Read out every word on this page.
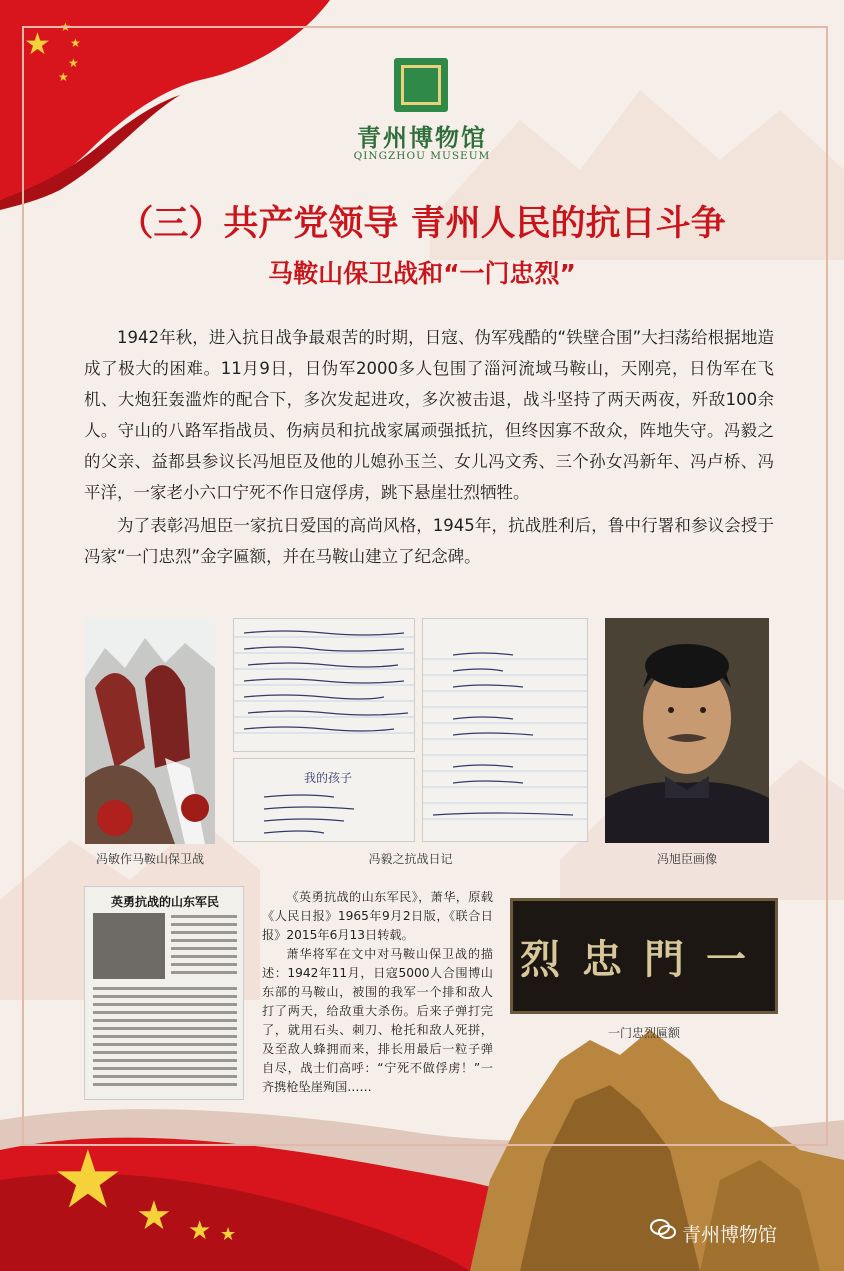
★ ★
★
★
★
★ ★ ★ ★
青州博物馆
QINGZHOU MUSEUM
（三）共产党领导 青州人民的抗日斗争
马鞍山保卫战和“一门忠烈”

1942年秋，进入抗日战争最艰苦的时期，日寇、伪军残酷的“铁壁合围”大扫荡给根据地造成了极大的困难。11月9日，日伪军2000多人包围了淄河流域马鞍山，天刚亮，日伪军在飞机、大炮狂轰滥炸的配合下，多次发起进攻，多次被击退，战斗坚持了两天两夜，歼敌100余人。守山的八路军指战员、伤病员和抗战家属顽强抵抗，但终因寡不敌众，阵地失守。冯毅之的父亲、益都县参议长冯旭臣及他的儿媳孙玉兰、女儿冯文秀、三个孙女冯新年、冯卢桥、冯平洋，一家老小六口宁死不作日寇俘虏，跳下悬崖壮烈牺牲。

为了表彰冯旭臣一家抗日爱国的高尚风格，1945年，抗战胜利后，鲁中行署和参议会授于冯家“一门忠烈”金字匾额，并在马鞍山建立了纪念碑。

冯敏作马鞍山保卫战
我的孩子
冯毅之抗战日记	冯旭臣画像
英勇抗战的山东军民	《英勇抗战的山东军民》，萧华，原载《人民日报》1965年9月2日版，《联合日报》2015年6月13日转载。

萧华将军在文中对马鞍山保卫战的描述：1942年11月，日寇5000人合围博山东部的马鞍山，被围的我军一个排和敌人打了两天，给敌重大杀伤。后来子弹打完了，就用石头、刺刀、枪托和敌人死拼，及至敌人蜂拥而来，排长用最后一粒子弹自尽，战士们高呼：“宁死不做俘虏！”一齐携枪坠崖殉国……

烈忠門一
一门忠烈匾额
青州博物馆
